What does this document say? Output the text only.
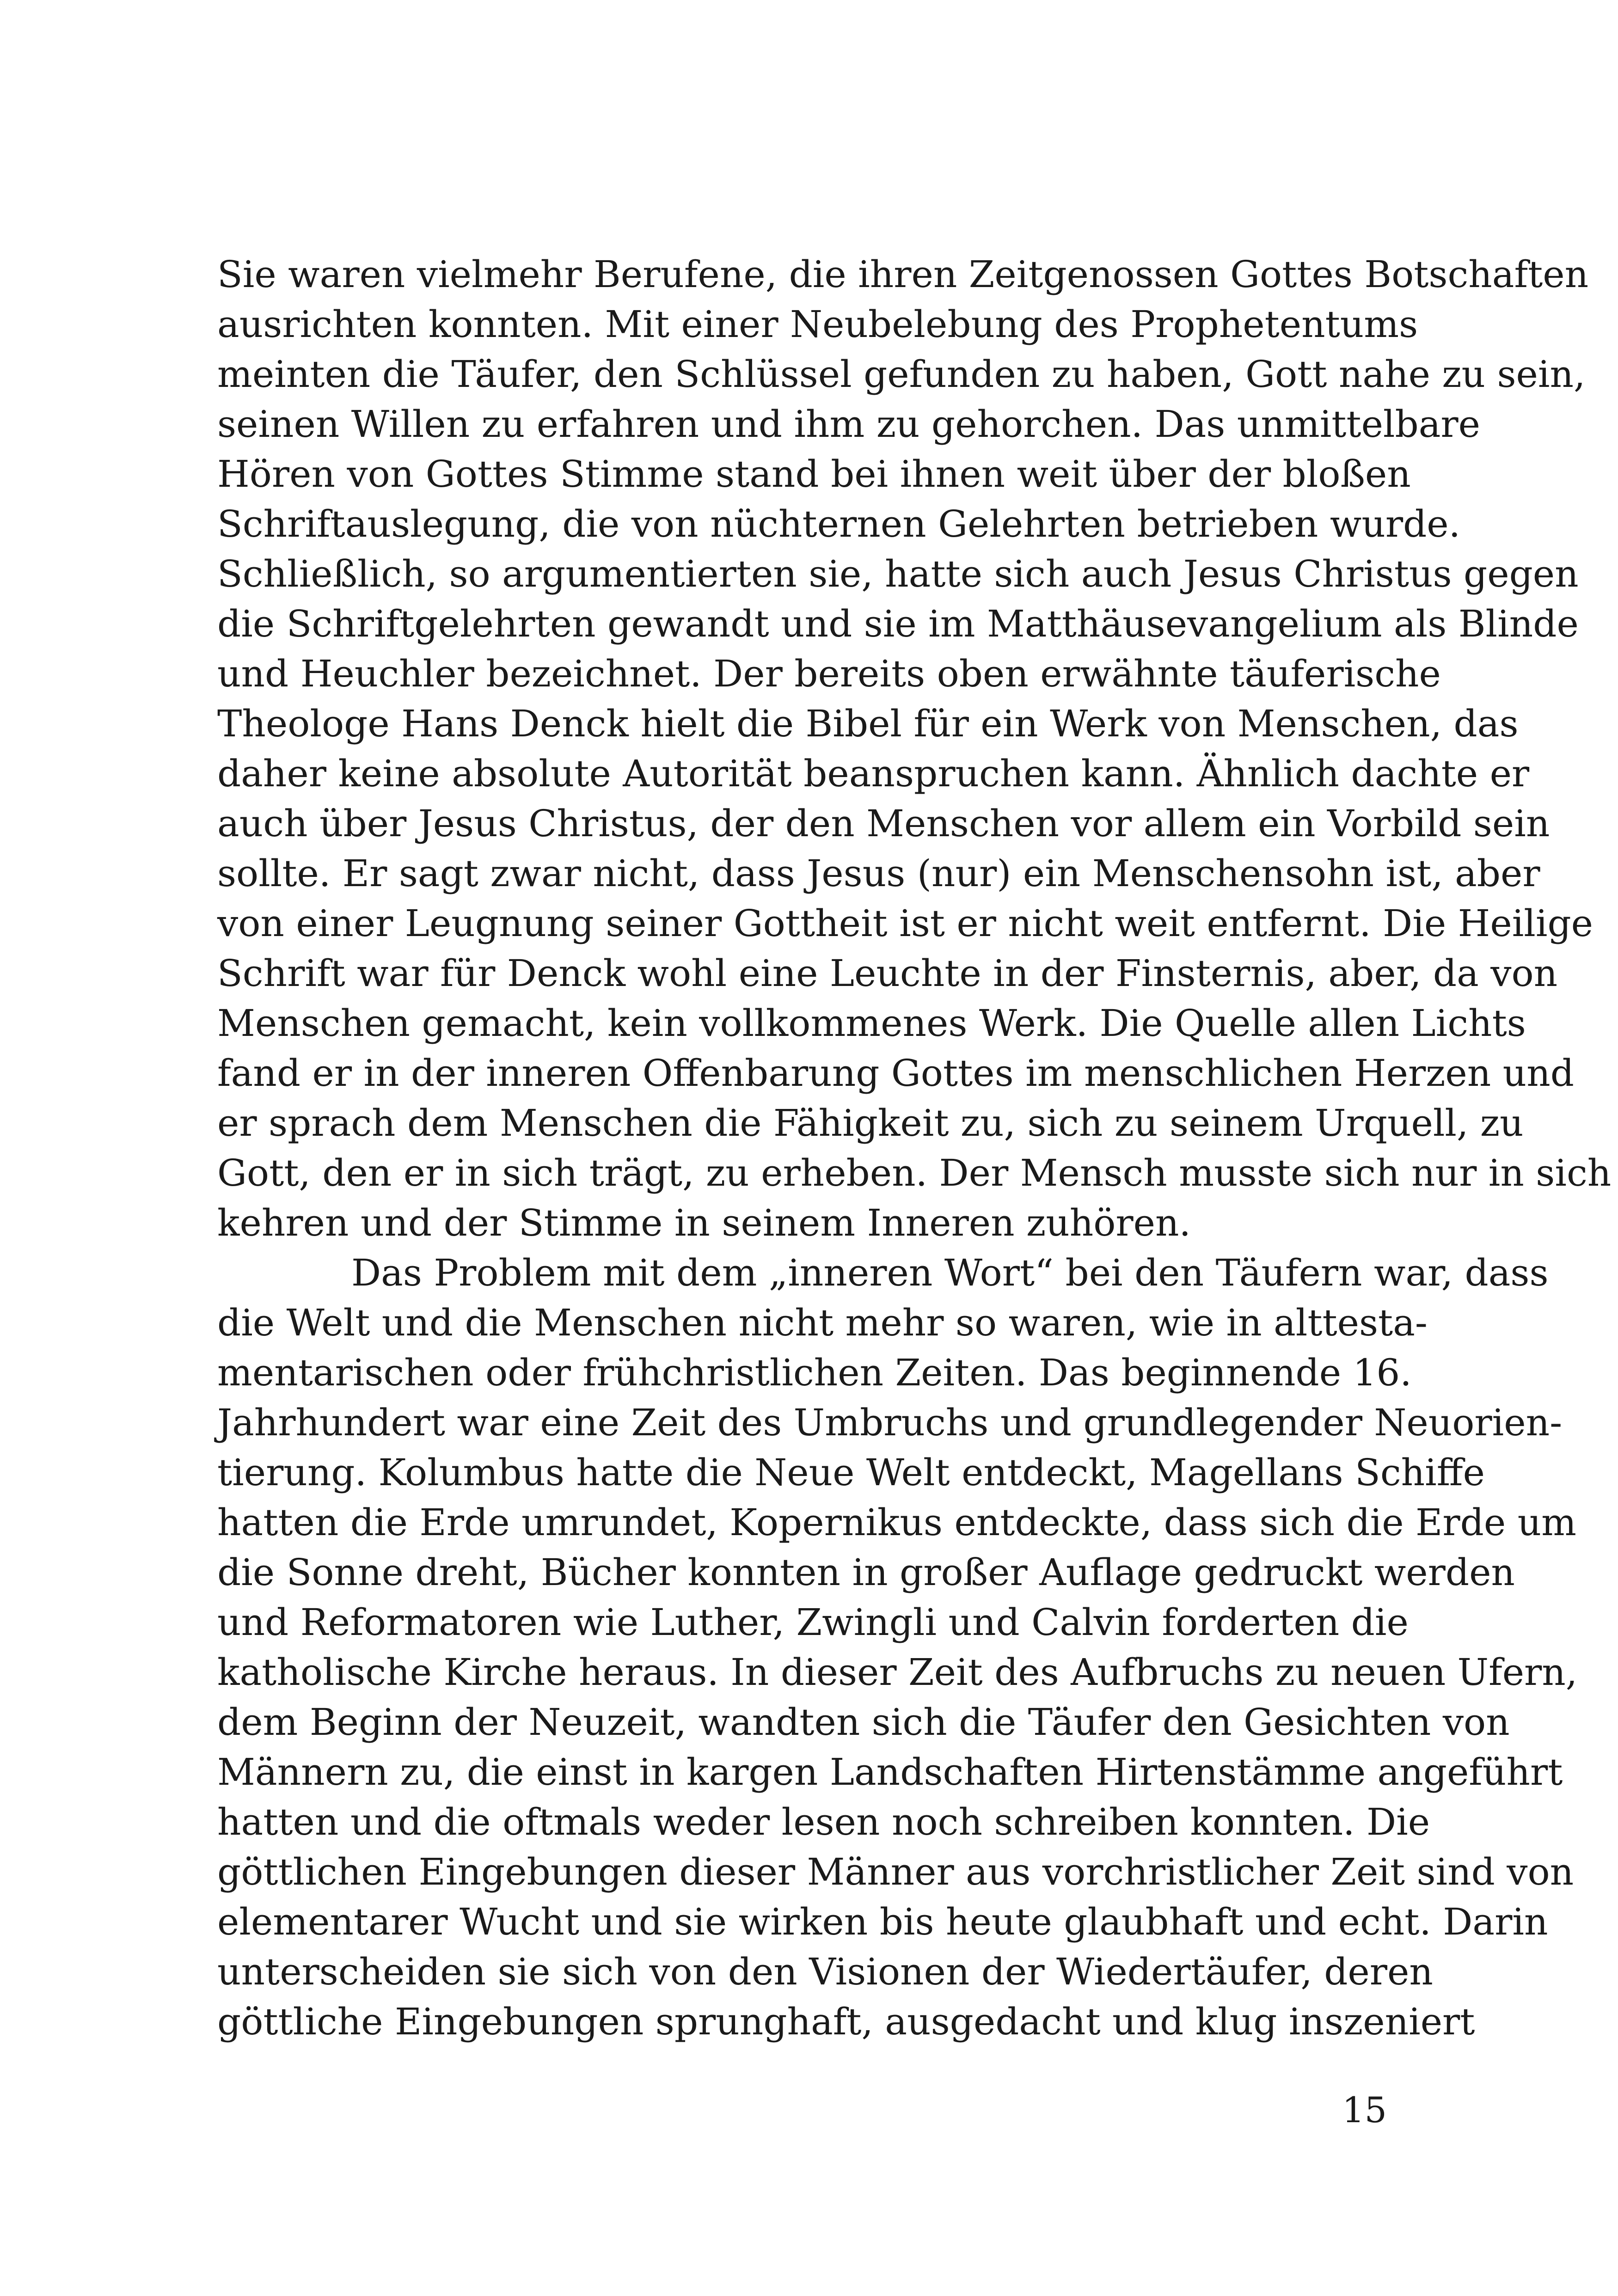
Sie waren vielmehr Berufene, die ihren Zeitgenossen Gottes Botschaften
ausrichten konnten. Mit einer Neubelebung des Prophetentums
meinten die Täufer, den Schlüssel gefunden zu haben, Gott nahe zu sein,
seinen Willen zu erfahren und ihm zu gehorchen. Das unmittelbare
Hören von Gottes Stimme stand bei ihnen weit über der bloßen
Schriftauslegung, die von nüchternen Gelehrten betrieben wurde.
Schließlich, so argumentierten sie, hatte sich auch Jesus Christus gegen
die Schriftgelehrten gewandt und sie im Matthäusevangelium als Blinde
und Heuchler bezeichnet. Der bereits oben erwähnte täuferische
Theologe Hans Denck hielt die Bibel für ein Werk von Menschen, das
daher keine absolute Autorität beanspruchen kann. Ähnlich dachte er
auch über Jesus Christus, der den Menschen vor allem ein Vorbild sein
sollte. Er sagt zwar nicht, dass Jesus (nur) ein Menschensohn ist, aber
von einer Leugnung seiner Gottheit ist er nicht weit entfernt. Die Heilige
Schrift war für Denck wohl eine Leuchte in der Finsternis, aber, da von
Menschen gemacht, kein vollkommenes Werk. Die Quelle allen Lichts
fand er in der inneren Offenbarung Gottes im menschlichen Herzen und
er sprach dem Menschen die Fähigkeit zu, sich zu seinem Urquell, zu
Gott, den er in sich trägt, zu erheben. Der Mensch musste sich nur in sich
kehren und der Stimme in seinem Inneren zuhören.
Das Problem mit dem „inneren Wort“ bei den Täufern war, dass
die Welt und die Menschen nicht mehr so waren, wie in alttesta-
mentarischen oder frühchristlichen Zeiten. Das beginnende 16.
Jahrhundert war eine Zeit des Umbruchs und grundlegender Neuorien-
tierung. Kolumbus hatte die Neue Welt entdeckt, Magellans Schiffe
hatten die Erde umrundet, Kopernikus entdeckte, dass sich die Erde um
die Sonne dreht, Bücher konnten in großer Auflage gedruckt werden
und Reformatoren wie Luther, Zwingli und Calvin forderten die
katholische Kirche heraus. In dieser Zeit des Aufbruchs zu neuen Ufern,
dem Beginn der Neuzeit, wandten sich die Täufer den Gesichten von
Männern zu, die einst in kargen Landschaften Hirtenstämme angeführt
hatten und die oftmals weder lesen noch schreiben konnten. Die
göttlichen Eingebungen dieser Männer aus vorchristlicher Zeit sind von
elementarer Wucht und sie wirken bis heute glaubhaft und echt. Darin
unterscheiden sie sich von den Visionen der Wiedertäufer, deren
göttliche Eingebungen sprunghaft, ausgedacht und klug inszeniert
15
